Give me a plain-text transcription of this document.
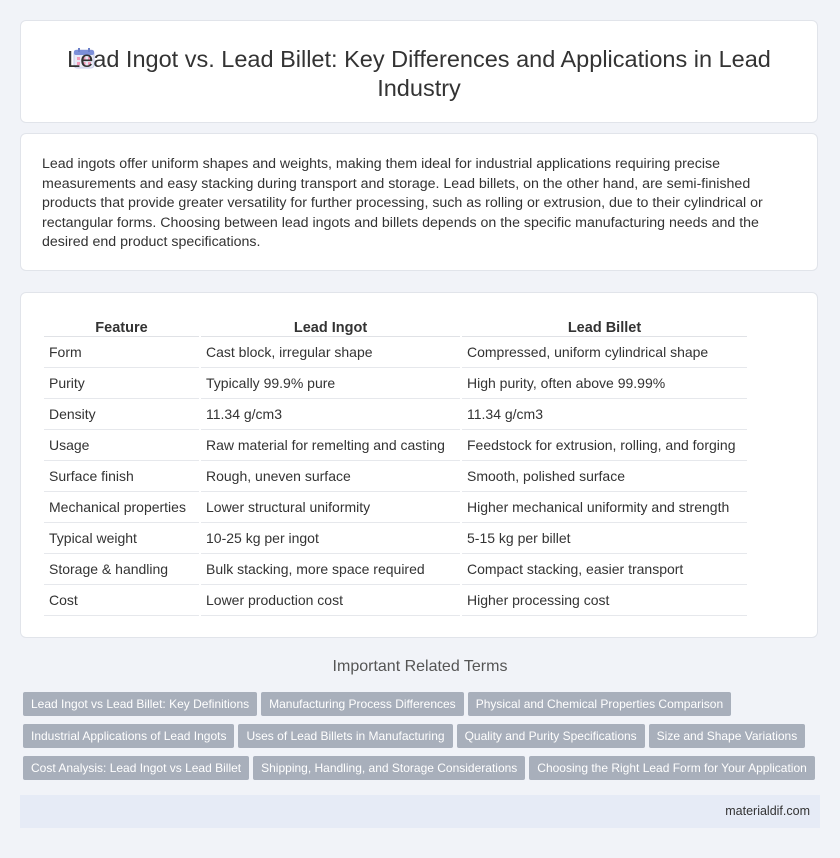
Lead Ingot vs. Lead Billet: Key Differences and Applications in Lead Industry

Lead ingots offer uniform shapes and weights, making them ideal for industrial applications requiring precise measurements and easy stacking during transport and storage. Lead billets, on the other hand, are semi-finished products that provide greater versatility for further processing, such as rolling or extrusion, due to their cylindrical or rectangular forms. Choosing between lead ingots and billets depends on the specific manufacturing needs and the desired end product specifications.

Feature	Lead Ingot	Lead Billet
Form	Cast block, irregular shape	Compressed, uniform cylindrical shape
Purity	Typically 99.9% pure	High purity, often above 99.99%
Density	11.34 g/cm3	11.34 g/cm3
Usage	Raw material for remelting and casting	Feedstock for extrusion, rolling, and forging
Surface finish	Rough, uneven surface	Smooth, polished surface
Mechanical properties	Lower structural uniformity	Higher mechanical uniformity and strength
Typical weight	10-25 kg per ingot	5-15 kg per billet
Storage & handling	Bulk stacking, more space required	Compact stacking, easier transport
Cost	Lower production cost	Higher processing cost
Important Related Terms
Lead Ingot vs Lead Billet: Key Definitions Manufacturing Process Differences Physical and Chemical Properties Comparison
Industrial Applications of Lead Ingots Uses of Lead Billets in Manufacturing Quality and Purity Specifications Size and Shape Variations
Cost Analysis: Lead Ingot vs Lead Billet Shipping, Handling, and Storage Considerations Choosing the Right Lead Form for Your Application
materialdif.com
